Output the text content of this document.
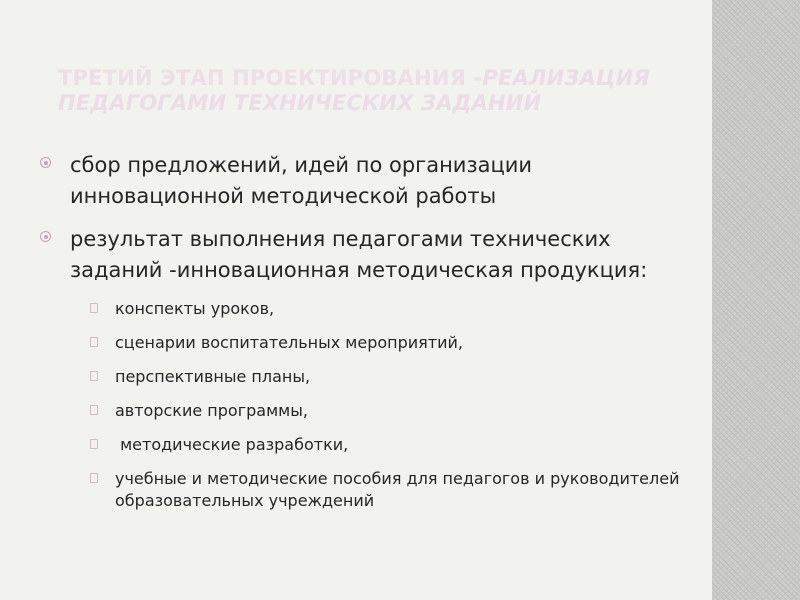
ТРЕТИЙ ЭТАП ПРОЕКТИРОВАНИЯ -РЕАЛИЗАЦИЯ ПЕДАГОГАМИ ТЕХНИЧЕСКИХ ЗАДАНИЙ
сбор предложений, идей по организации инновационной методической работы
результат выполнения педагогами технических заданий -инновационная методическая продукция:
конспекты уроков,
сценарии воспитательных мероприятий,
перспективные планы,
авторские программы,
методические разработки,
учебные и методические пособия для педагогов и руководителей образовательных учреждений
